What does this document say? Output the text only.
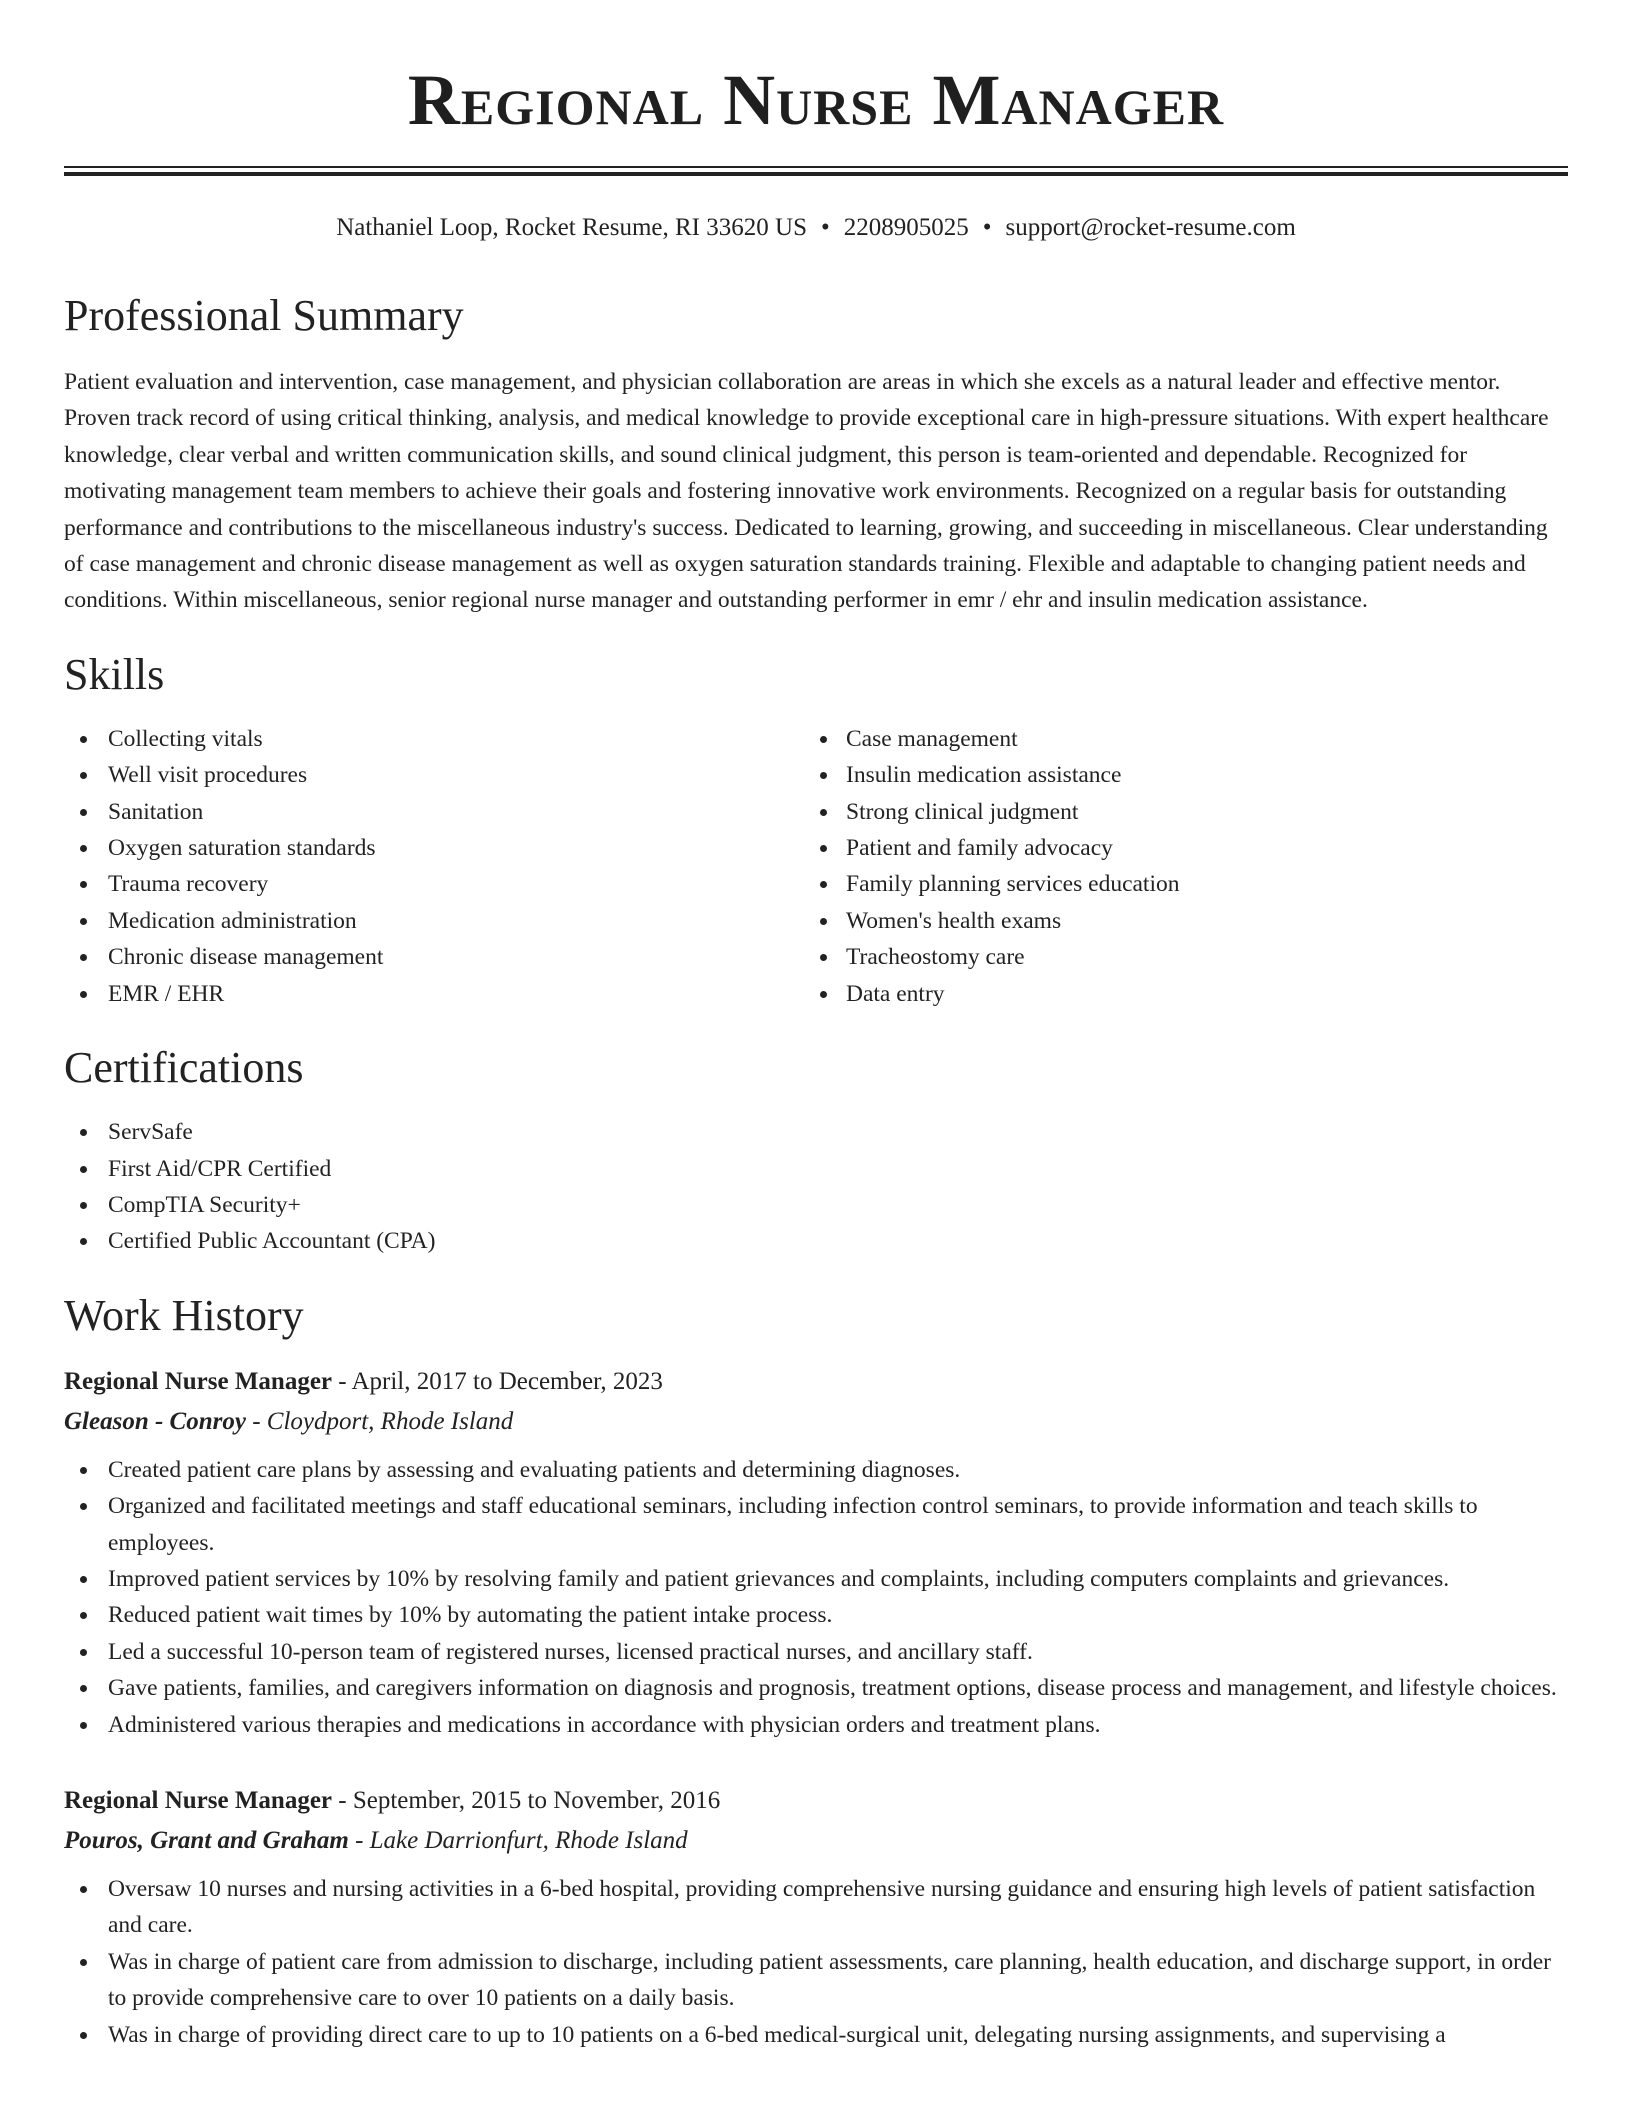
Regional Nurse Manager
Nathaniel Loop, Rocket Resume, RI 33620 US • 2208905025 • support@rocket-resume.com
Professional Summary

Patient evaluation and intervention, case management, and physician collaboration are areas in which she excels as a natural leader and effective mentor. Proven track record of using critical thinking, analysis, and medical knowledge to provide exceptional care in high-pressure situations. With expert healthcare knowledge, clear verbal and written communication skills, and sound clinical judgment, this person is team-oriented and dependable. Recognized for motivating management team members to achieve their goals and fostering innovative work environments. Recognized on a regular basis for outstanding performance and contributions to the miscellaneous industry's success. Dedicated to learning, growing, and succeeding in miscellaneous. Clear understanding of case management and chronic disease management as well as oxygen saturation standards training. Flexible and adaptable to changing patient needs and conditions. Within miscellaneous, senior regional nurse manager and outstanding performer in emr / ehr and insulin medication assistance.

Skills
Collecting vitals
Well visit procedures
Sanitation
Oxygen saturation standards
Trauma recovery
Medication administration
Chronic disease management
EMR / EHR
Case management
Insulin medication assistance
Strong clinical judgment
Patient and family advocacy
Family planning services education
Women's health exams
Tracheostomy care
Data entry
Certifications
ServSafe
First Aid/CPR Certified
CompTIA Security+
Certified Public Accountant (CPA)
Work History
Regional Nurse Manager - April, 2017 to December, 2023
Gleason - Conroy - Cloydport, Rhode Island
Created patient care plans by assessing and evaluating patients and determining diagnoses.
Organized and facilitated meetings and staff educational seminars, including infection control seminars, to provide information and teach skills to employees.
Improved patient services by 10% by resolving family and patient grievances and complaints, including computers complaints and grievances.
Reduced patient wait times by 10% by automating the patient intake process.
Led a successful 10-person team of registered nurses, licensed practical nurses, and ancillary staff.
Gave patients, families, and caregivers information on diagnosis and prognosis, treatment options, disease process and management, and lifestyle choices.
Administered various therapies and medications in accordance with physician orders and treatment plans.
Regional Nurse Manager - September, 2015 to November, 2016
Pouros, Grant and Graham - Lake Darrionfurt, Rhode Island
Oversaw 10 nurses and nursing activities in a 6-bed hospital, providing comprehensive nursing guidance and ensuring high levels of patient satisfaction and care.
Was in charge of patient care from admission to discharge, including patient assessments, care planning, health education, and discharge support, in order to provide comprehensive care to over 10 patients on a daily basis.
Was in charge of providing direct care to up to 10 patients on a 6-bed medical-surgical unit, delegating nursing assignments, and supervising a
